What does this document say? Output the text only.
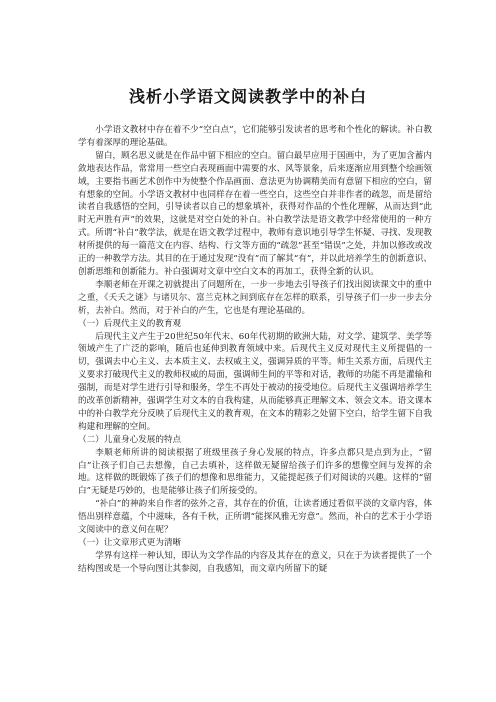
浅析小学语文阅读教学中的补白

小学语文教材中存在着不少“空白点”，它们能够引发读者的思考和个性化的解读。补白教学有着深厚的理论基础。

留白，顾名思义就是在作品中留下相应的空白。留白最早应用于国画中，为了更加含蓄内敛地表达作品，常常用一些空白表现画面中需要的水、风等景象，后来逐渐应用到整个绘画领域，主要指书画艺术创作中为使整个作品画面、意法更为协调精美而有意留下相应的空白，留有想象的空间。小学语文教材中也同样存在着一些空白，这些空白并非作者的疏忽，而是留给读者自我感悟的空间，引导读者以自己的想象填补，获得对作品的个性化理解，从而达到“此时无声胜有声”的效果，这就是对空白处的补白。补白教学法是语文教学中经常使用的一种方式。所谓“补白”教学法，就是在语文教学过程中，教师有意识地引导学生怀疑、寻找、发现教材所提供的每一篇范文在内容、结构、行文等方面的“疏忽”甚至“错误”之处，并加以修改或改正的一种教学方法。其目的在于通过发现“没有”而了解其“有”，并以此培养学生的创新意识、创新思维和创新能力。补白强调对文章中空白文本的再加工，获得全新的认识。

李顺老师在开课之初就提出了问题所在，一步一步地去引导孩子们找出阅读课文中的重中之重，《夭夭之谜》与诸贝尔、富兰克林之间到底存在怎样的联系，引导孩子们一步一步去分析，去补白。然而，对于补白的产生，它也是有理论基础的。

（一）后现代主义的教育观

后现代主义产生于20世纪50年代末、60年代初期的欧洲大陆，对文学、建筑学、美学等领域产生了广泛的影响，随后也延伸到教育领域中来。后现代主义反对现代主义所提倡的一切，强调去中心主义、去本质主义、去权威主义，强调异质的平等。师生关系方面，后现代主义要求打破现代主义的教师权威的局面，强调师生间的平等和对话，教师的功能不再是灌输和强制，而是对学生进行引导和服务，学生不再处于被动的接受地位。后现代主义强调培养学生的改革创新精神，强调学生对文本的自我构建，从而能够真正理解文本、领会文本。语文课本中的补白教学充分反映了后现代主义的教育观，在文本的精彩之处留下空白，给学生留下自我构建和理解的空间。

（二）儿童身心发展的特点

李顺老师所讲的阅读根据了班级里孩子身心发展的特点，许多点都只是点到为止，“留白”让孩子们自己去想像，自己去填补，这样做无疑留给孩子们许多的想像空间与发挥的余地。这样做的既锻炼了孩子们的想像和思维能力，又能提起孩子们对阅读的兴趣。这样的“留白”无疑是巧妙的，也是能够让孩子们所接受的。

“补白”的神韵来自作者的弦外之音，其存在的价值，让读者通过看似平淡的文章内容，体悟出别样意蕴，个中滋味，各有千秋，正所谓“能探风雅无穷意”。然而，补白的艺术于小学语文阅读中的意义何在呢？

（一）让文章形式更为清晰

学界有这样一种认知，即认为文学作品的内容及其存在的意义，只在于为读者提供了一个结构图或是一个导向图让其参阅，自我感知，而文章内所留下的疑
